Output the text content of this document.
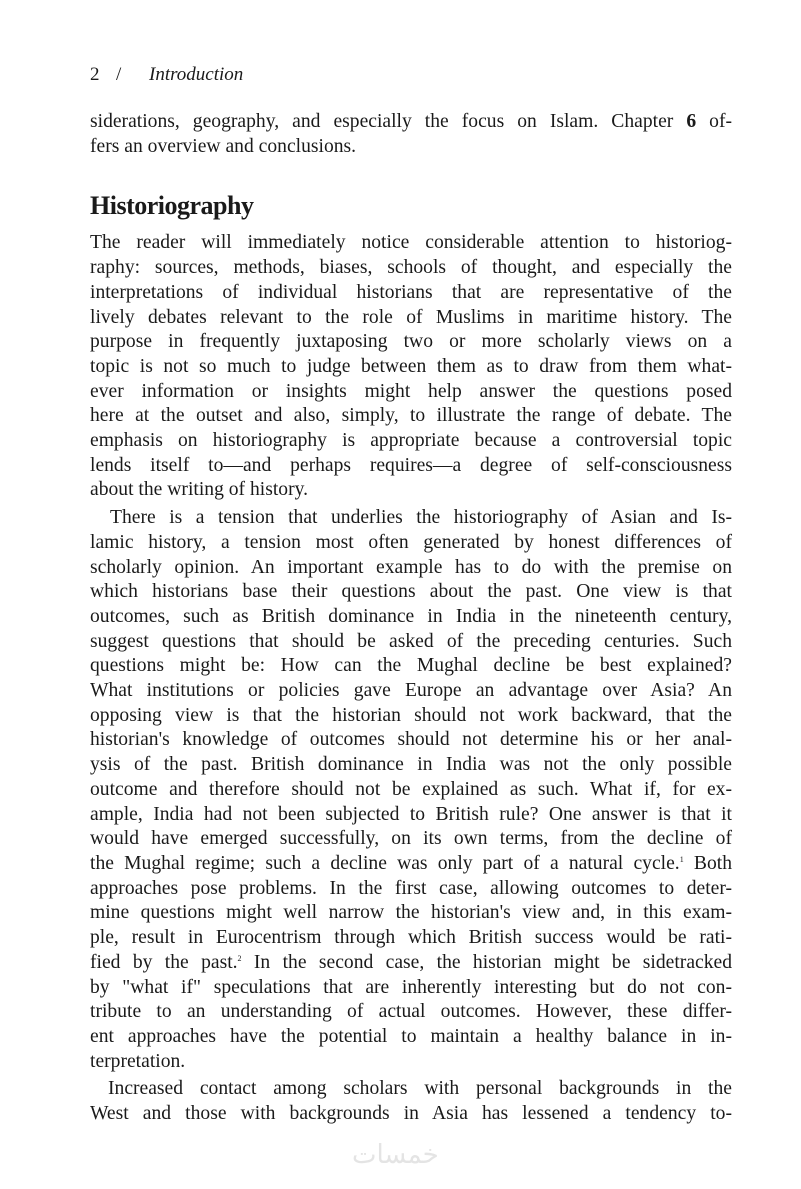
2 /	Introduction

siderations, geography, and especially the focus on Islam. Chapter 6 of-
fers an overview and conclusions.

Historiography

The reader will immediately notice considerable attention to historiog-
raphy: sources, methods, biases, schools of thought, and especially the
interpretations of individual historians that are representative of the
lively debates relevant to the role of Muslims in maritime history. The
purpose in frequently juxtaposing two or more scholarly views on a
topic is not so much to judge between them as to draw from them what-
ever information or insights might help answer the questions posed
here at the outset and also, simply, to illustrate the range of debate. The
emphasis on historiography is appropriate because a controversial topic
lends itself to—and perhaps requires—a degree of self-consciousness
about the writing of history.

There is a tension that underlies the historiography of Asian and Is-
lamic history, a tension most often generated by honest differences of
scholarly opinion. An important example has to do with the premise on
which historians base their questions about the past. One view is that
outcomes, such as British dominance in India in the nineteenth century,
suggest questions that should be asked of the preceding centuries. Such
questions might be: How can the Mughal decline be best explained?
What institutions or policies gave Europe an advantage over Asia? An
opposing view is that the historian should not work backward, that the
historian's knowledge of outcomes should not determine his or her anal-
ysis of the past. British dominance in India was not the only possible
outcome and therefore should not be explained as such. What if, for ex-
ample, India had not been subjected to British rule? One answer is that it
would have emerged successfully, on its own terms, from the decline of
the Mughal regime; such a decline was only part of a natural cycle.$^1$ Both
approaches pose problems. In the first case, allowing outcomes to deter-
mine questions might well narrow the historian's view and, in this exam-
ple, result in Eurocentrism through which British success would be rati-
fied by the past.$^2$ In the second case, the historian might be sidetracked
by "what if" speculations that are inherently interesting but do not con-
tribute to an understanding of actual outcomes. However, these differ-
ent approaches have the potential to maintain a healthy balance in in-
terpretation.

Increased contact among scholars with personal backgrounds in the
West and those with backgrounds in Asia has lessened a tendency to-

خمسات
